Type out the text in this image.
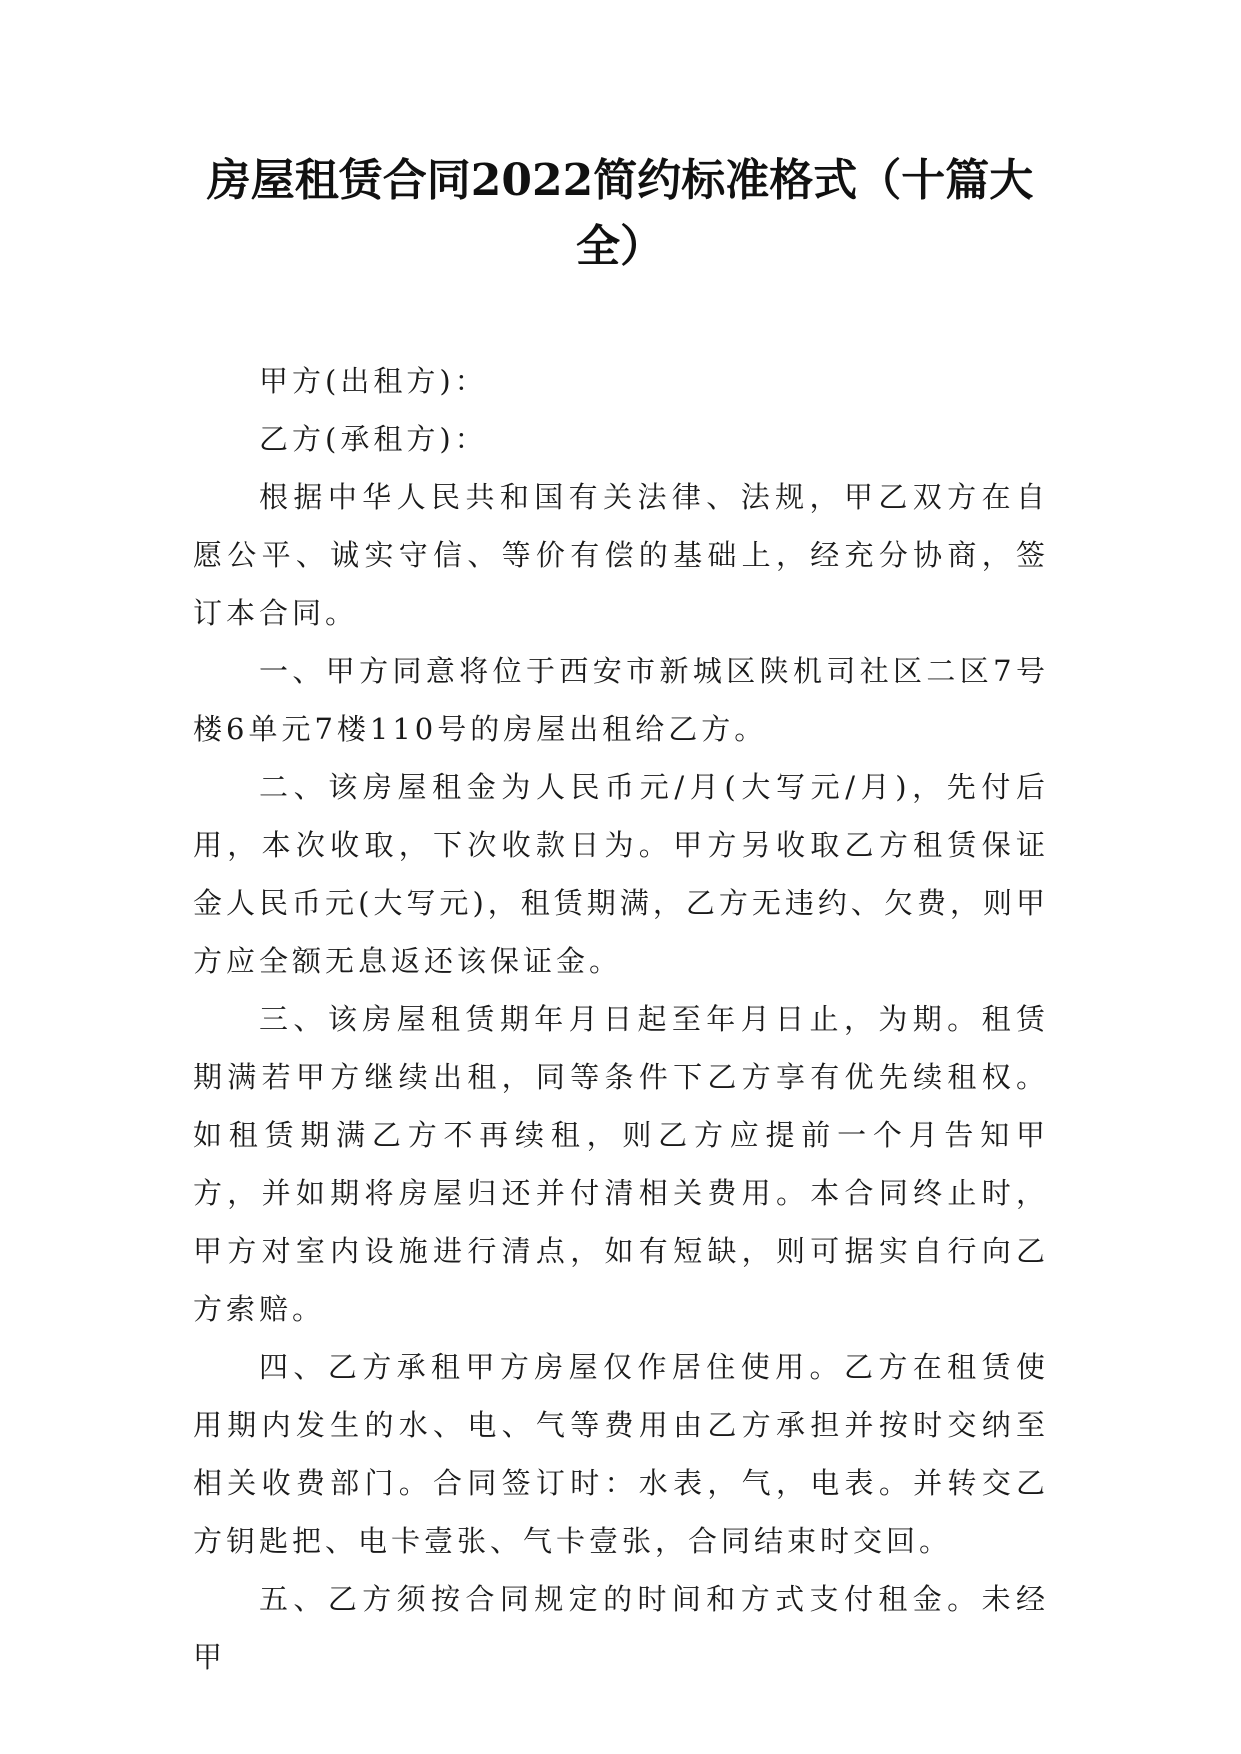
房屋租赁合同2022简约标准格式（十篇大全）

甲方(出租方)：

乙方(承租方)：

根据中华人民共和国有关法律、法规，甲乙双方在自愿公平、诚实守信、等价有偿的基础上，经充分协商，签订本合同。

一、甲方同意将位于西安市新城区陕机司社区二区7号楼6单元7楼110号的房屋出租给乙方。

二、该房屋租金为人民币元/月(大写元/月)，先付后用，本次收取，下次收款日为。甲方另收取乙方租赁保证金人民币元(大写元)，租赁期满，乙方无违约、欠费，则甲方应全额无息返还该保证金。

三、该房屋租赁期年月日起至年月日止，为期。租赁期满若甲方继续出租，同等条件下乙方享有优先续租权。如租赁期满乙方不再续租，则乙方应提前一个月告知甲方，并如期将房屋归还并付清相关费用。本合同终止时，甲方对室内设施进行清点，如有短缺，则可据实自行向乙方索赔。

四、乙方承租甲方房屋仅作居住使用。乙方在租赁使用期内发生的水、电、气等费用由乙方承担并按时交纳至相关收费部门。合同签订时：水表，气，电表。并转交乙方钥匙把、电卡壹张、气卡壹张，合同结束时交回。

五、乙方须按合同规定的时间和方式支付租金。未经甲
